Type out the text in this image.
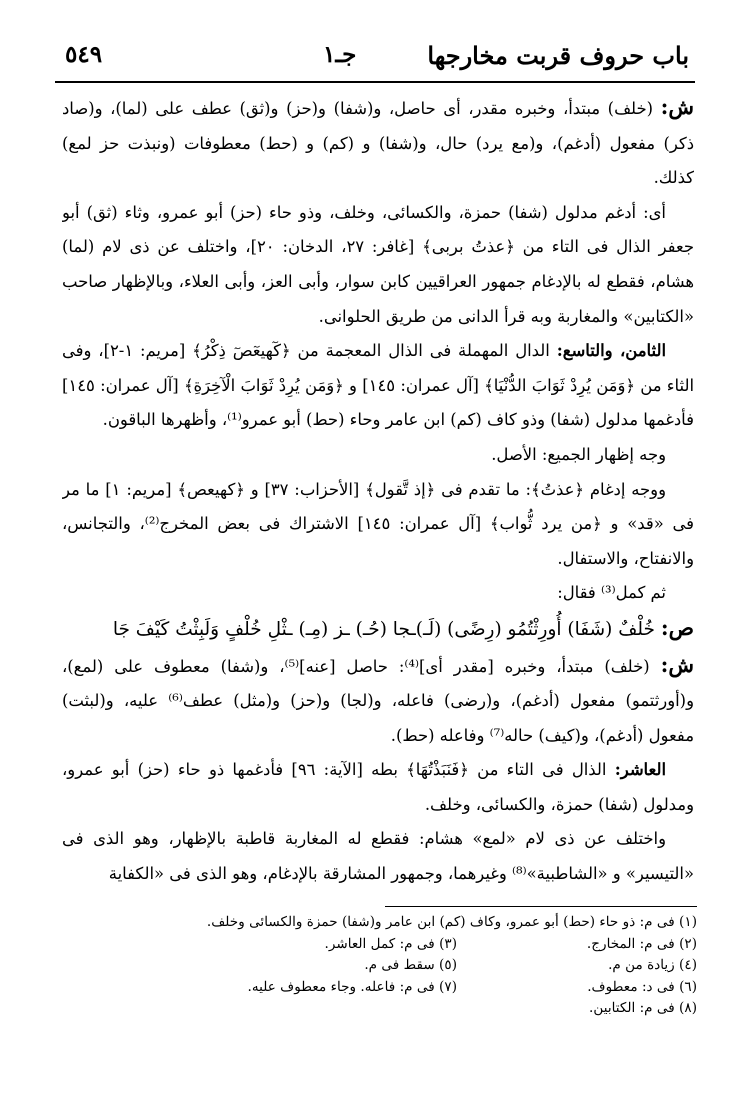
باب حروف قربت مخارجها
جـ١
٥٤٩

ش: (خلف) مبتدأ، وخبره مقدر، أى حاصل، و(شفا) و(حز) و(ثق) عطف على (لما)، و(صاد ذكر) مفعول (أدغم)، و(مع يرد) حال، و(شفا) و (كم) و (حط) معطوفات (ونبذت حز لمع) كذلك.

أى: أدغم مدلول (شفا) حمزة، والكسائى، وخلف، وذو حاء (حز) أبو عمرو، وثاء (ثق) أبو جعفر الذال فى التاء من ﴿عذتُ بربى﴾ [غافر: ٢٧، الدخان: ٢٠]، واختلف عن ذى لام (لما) هشام، فقطع له بالإدغام جمهور العراقيين كابن سوار، وأبى العز، وأبى العلاء، وبالإظهار صاحب «الكتابين» والمغاربة وبه قرأ الدانى من طريق الحلوانى.

الثامن، والتاسع: الدال المهملة فى الذال المعجمة من ﴿كٓهيعٓصٓ ذِكْرُ﴾ [مريم: ١-٢]، وفى الثاء من ﴿وَمَن يُرِدْ ثَوَابَ الدُّنْيَا﴾ [آل عمران: ١٤٥] و ﴿وَمَن يُرِدْ ثَوَابَ الْآخِرَةِ﴾ [آل عمران: ١٤٥] فأدغمها مدلول (شفا) وذو كاف (كم) ابن عامر وحاء (حط) أبو عمرو⁽¹⁾، وأظهرها الباقون.

وجه إظهار الجميع: الأصل.

ووجه إدغام ﴿عذتُ﴾: ما تقدم فى ﴿إذ تَّقول﴾ [الأحزاب: ٣٧] و ﴿كهيعص﴾ [مريم: ١] ما مر فى «قد» و ﴿من يرد ثُّواب﴾ [آل عمران: ١٤٥] الاشتراك فى بعض المخرج⁽²⁾، والتجانس، والانفتاح، والاستفال.

ثم كمل⁽³⁾ فقال:

ص: خُلْفٌ (شَفَا) أُورِثْتُمُو (رِضًى) (لَـ)ـجا (حُـ) ـز (مِـ) ـثْلِ خُلْفٍ وَلَبِثْتُ كَيْفَ جَا

ش: (خلف) مبتدأ، وخبره [مقدر أى]⁽⁴⁾: حاصل [عنه]⁽⁵⁾، و(شفا) معطوف على (لمع)، و(أورثتمو) مفعول (أدغم)، و(رضى) فاعله، و(لجا) و(حز) و(مثل) عطف⁽⁶⁾ عليه، و(لبثت) مفعول (أدغم)، و(كيف) حاله⁽⁷⁾ وفاعله (حط).

العاشر: الذال فى التاء من ﴿فَنَبَذْتُهَا﴾ بطه [الآية: ٩٦] فأدغمها ذو حاء (حز) أبو عمرو، ومدلول (شفا) حمزة، والكسائى، وخلف.

واختلف عن ذى لام «لمع» هشام: فقطع له المغاربة قاطبة بالإظهار، وهو الذى فى «التيسير» و «الشاطبية»⁽⁸⁾ وغيرهما، وجمهور المشارقة بالإدغام، وهو الذى فى «الكفاية

(١) فى م: ذو حاء (حط) أبو عمرو، وكاف (كم) ابن عامر و(شفا) حمزة والكسائى وخلف.
(٢) فى م: المخارج.
(٣) فى م: كمل العاشر.
(٤) زيادة من م.
(٥) سقط فى م.
(٦) فى د: معطوف.
(٧) فى م: فاعله. وجاء معطوف عليه.
(٨) فى م: الكتابين.
